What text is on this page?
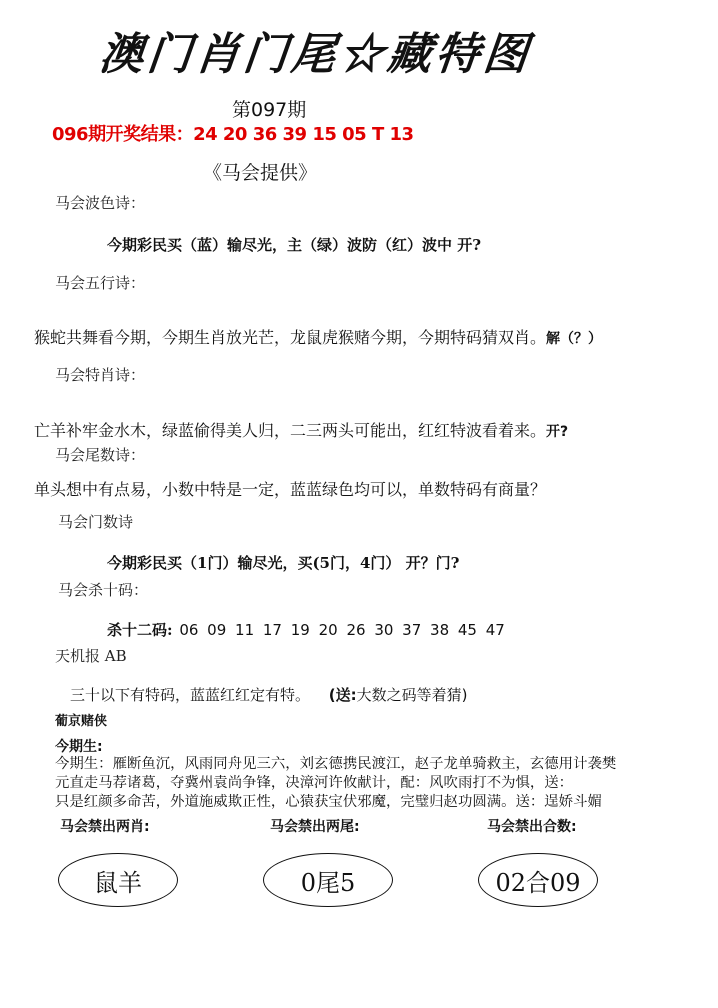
澳门肖门尾☆藏特图
第097期
096期开奖结果：24 20 36 39 15 05 T 13
《马会提供》
马会波色诗：
今期彩民买（蓝）输尽光，主（绿）波防（红）波中 开?
马会五行诗：
猴蛇共舞看今期，今期生肖放光芒，龙鼠虎猴赌今期，今期特码猜双肖。解（？）
马会特肖诗：
亡羊补牢金水木，绿蓝偷得美人归，二三两头可能出，红红特波看着来。开?
马会尾数诗：
单头想中有点易，小数中特是一定，蓝蓝绿色均可以，单数特码有商量？
马会门数诗
今期彩民买（1门）输尽光，买(5门，4门） 开？门?
马会杀十码：
杀十二码: 06 09 11 17 19 20 26 30 37 38 45 47
天机报 AB
三十以下有特码，蓝蓝红红定有特。 (送:大数之码等着猜)
葡京赌侠
今期生:
今期生：雁断鱼沉，风雨同舟见三六，刘玄德携民渡江，赵子龙单骑救主，玄德用计袭樊
元直走马荐诸葛，夺冀州袁尚争锋，决漳河许攸献计，配：风吹雨打不为惧，送：
只是红颜多命苦，外道施威欺正性，心猿获宝伏邪魔，完璧归赵功圆满。送：逞娇斗媚
马会禁出两肖:	马会禁出两尾:	马会禁出合数:
鼠羊	0尾5	02合09
